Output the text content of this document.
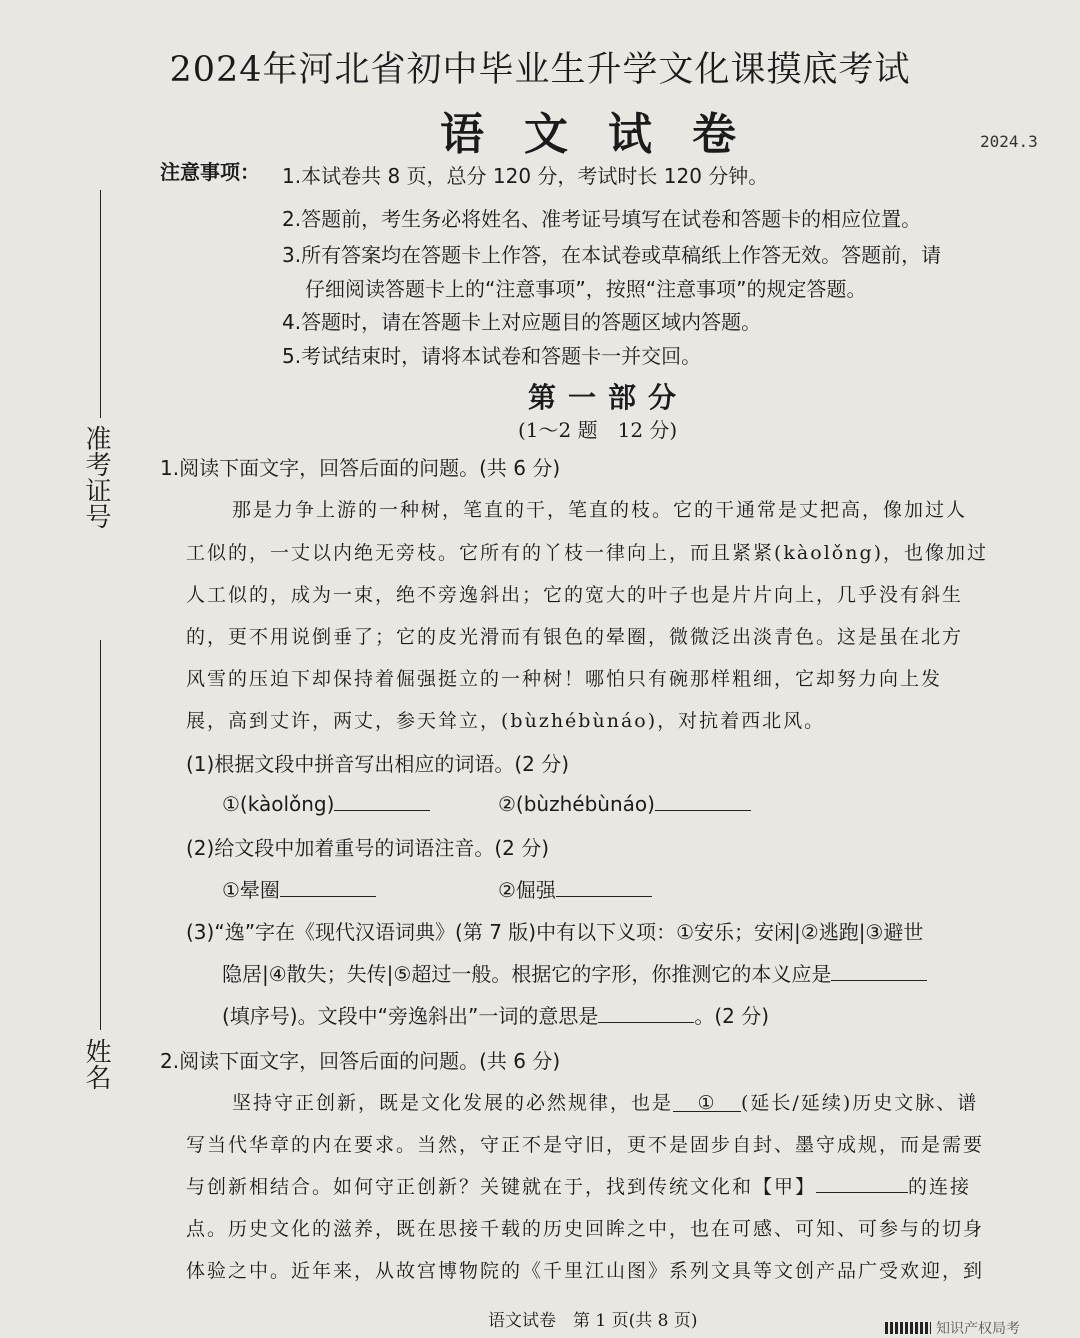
2024年河北省初中毕业生升学文化课摸底考试
语文试卷	2024.3
注意事项： 1.本试卷共 8 页，总分 120 分，考试时长 120 分钟。
2.答题前，考生务必将姓名、准考证号填写在试卷和答题卡的相应位置。
3.所有答案均在答题卡上作答，在本试卷或草稿纸上作答无效。答题前，请
仔细阅读答题卡上的“注意事项”，按照“注意事项”的规定答题。
4.答题时，请在答题卡上对应题目的答题区域内答题。
5.考试结束时，请将本试卷和答题卡一并交回。
准考证号
姓名
第一部分
(1～2 题　12 分)
1.阅读下面文字，回答后面的问题。(共 6 分)
那是力争上游的一种树，笔直的干，笔直的枝。它的干通常是丈把高，像加过人
工似的，一丈以内绝无旁枝。它所有的丫枝一律向上，而且紧紧(kàolǒng)，也像加过
人工似的，成为一束，绝不旁逸斜出；它的宽大的叶子也是片片向上，几乎没有斜生
的，更不用说倒垂了；它的皮光滑而有银色的晕圈，微微泛出淡青色。这是虽在北方
风雪的压迫下却保持着倔强挺立的一种树！哪怕只有碗那样粗细，它却努力向上发
展，高到丈许，两丈，参天耸立，(bùzhébùnáo)，对抗着西北风。
(1)根据文段中拼音写出相应的词语。(2 分)
①(kàolǒng)	②(bùzhébùnáo)
(2)给文段中加着重号的词语注音。(2 分)
①晕圈	②倔强
(3)“逸”字在《现代汉语词典》(第 7 版)中有以下义项：①安乐；安闲|②逃跑|③避世
隐居|④散失；失传|⑤超过一般。根据它的字形，你推测它的本义应是
(填序号)。文段中“旁逸斜出”一词的意思是	。(2 分)
2.阅读下面文字，回答后面的问题。(共 6 分)
坚持守正创新，既是文化发展的必然规律，也是 ① (延长/延续)历史文脉、谱
写当代华章的内在要求。当然，守正不是守旧，更不是固步自封、墨守成规，而是需要
与创新相结合。如何守正创新？关键就在于，找到传统文化和【甲】	的连接
点。历史文化的滋养，既在思接千载的历史回眸之中，也在可感、可知、可参与的切身
体验之中。近年来，从故宫博物院的《千里江山图》系列文具等文创产品广受欢迎，到
语文试卷　第 1 页(共 8 页)	知识产权局考
